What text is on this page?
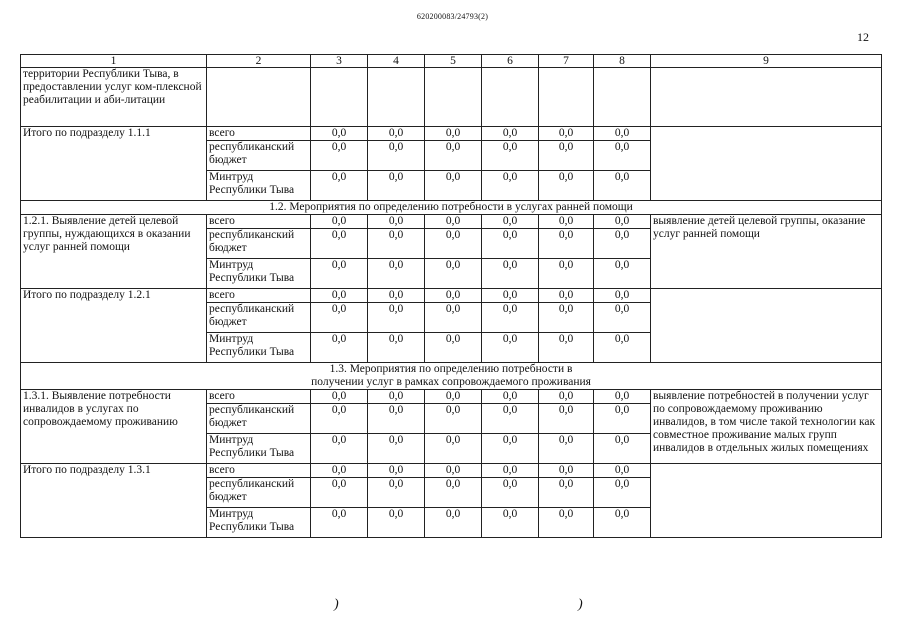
620200083/24793(2)
12
1	2	3	4	5	6	7	8	9
территории Республики Тыва, в предоставлении услуг ком-плексной реабилитации и аби-литации								
Итого по подразделу 1.1.1	всего	0,0	0,0	0,0	0,0	0,0	0,0	
	республиканский бюджет	0,0	0,0	0,0	0,0	0,0	0,0	
	Минтруд Республики Тыва	0,0	0,0	0,0	0,0	0,0	0,0	
1.2. Мероприятия по определению потребности в услугах ранней помощи								
1.2.1. Выявление детей целевой группы, нуждающихся в оказании услуг ранней помощи	всего	0,0	0,0	0,0	0,0	0,0	0,0	выявление детей целевой группы, оказание услуг ранней помощи
	республиканский бюджет	0,0	0,0	0,0	0,0	0,0	0,0	
	Минтруд Республики Тыва	0,0	0,0	0,0	0,0	0,0	0,0	
Итого по подразделу 1.2.1	всего	0,0	0,0	0,0	0,0	0,0	0,0	
	республиканский бюджет	0,0	0,0	0,0	0,0	0,0	0,0	
	Минтруд Республики Тыва	0,0	0,0	0,0	0,0	0,0	0,0	
1.3. Мероприятия по определению потребности в
получении услуг в рамках сопровождаемого проживания								
1.3.1. Выявление потребности инвалидов в услугах по сопровождаемому проживанию	всего	0,0	0,0	0,0	0,0	0,0	0,0	выявление потребностей в получении услуг по сопровождаемому проживанию инвалидов, в том числе такой технологии как совместное проживание малых групп инвалидов в отдельных жилых помещениях
	республиканский бюджет	0,0	0,0	0,0	0,0	0,0	0,0	
	Минтруд Республики Тыва	0,0	0,0	0,0	0,0	0,0	0,0	
Итого по подразделу 1.3.1	всего	0,0	0,0	0,0	0,0	0,0	0,0	
	республиканский бюджет	0,0	0,0	0,0	0,0	0,0	0,0	
	Минтруд Республики Тыва	0,0	0,0	0,0	0,0	0,0	0,0	
)	)
